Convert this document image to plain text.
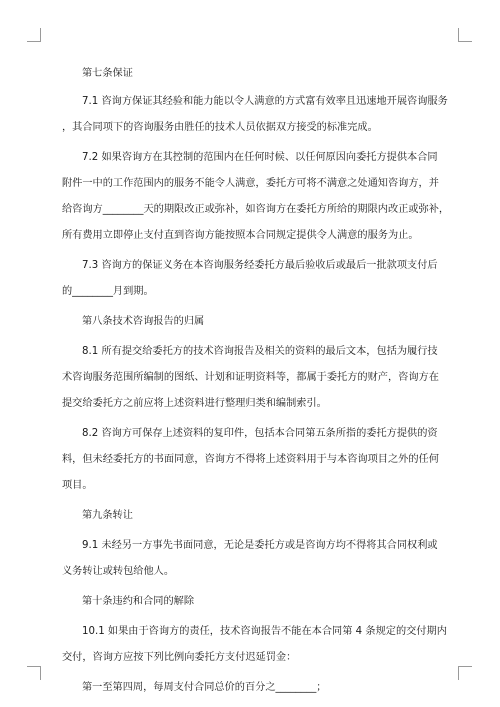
第七条保证
7.1 咨询方保证其经验和能力能以令人满意的方式富有效率且迅速地开展咨询服务
，其合同项下的咨询服务由胜任的技术人员依据双方接受的标准完成。
7.2 如果咨询方在其控制的范围内在任何时候、以任何原因向委托方提供本合同
附件一中的工作范围内的服务不能令人满意，委托方可将不满意之处通知咨询方，并
给咨询方________天的期限改正或弥补，如咨询方在委托方所给的期限内改正或弥补，
所有费用立即停止支付直到咨询方能按照本合同规定提供令人满意的服务为止。
7.3 咨询方的保证义务在本咨询服务经委托方最后验收后或最后一批款项支付后
的________月到期。
第八条技术咨询报告的归属
8.1 所有提交给委托方的技术咨询报告及相关的资料的最后文本，包括为履行技
术咨询服务范围所编制的图纸、计划和证明资料等，都属于委托方的财产，咨询方在
提交给委托方之前应将上述资料进行整理归类和编制索引。
8.2 咨询方可保存上述资料的复印件，包括本合同第五条所指的委托方提供的资
料，但未经委托方的书面同意，咨询方不得将上述资料用于与本咨询项目之外的任何
项目。
第九条转让
9.1 未经另一方事先书面同意，无论是委托方或是咨询方均不得将其合同权利或
义务转让或转包给他人。
第十条违约和合同的解除
10.1 如果由于咨询方的责任，技术咨询报告不能在本合同第 4 条规定的交付期内
交付，咨询方应按下列比例向委托方支付迟延罚金：
第一至第四周，每周支付合同总价的百分之________；
